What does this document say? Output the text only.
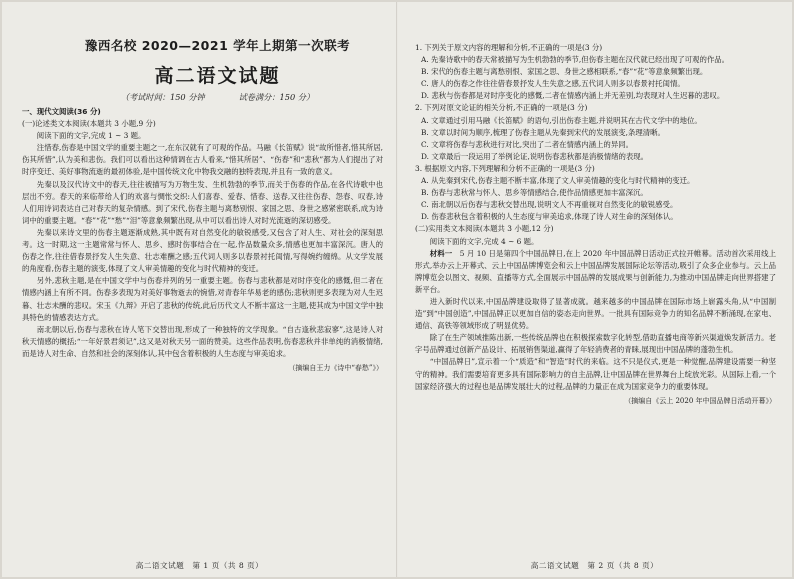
豫西名校 2020—2021 学年上期第一次联考
高二语文试题
（考试时间：150 分钟	试卷满分：150 分）
一、现代文阅读(36 分)
(一)论述类文本阅读(本题共 3 小题,9 分)
阅读下面的文字,完成 1 ~ 3 题。
注惜春,伤春是中国文学的重要主题之一,在东汉就有了可观的作品。马融《长笛赋》说“故所惜者,惜其所居,伤其所惜”,认为美和悲伤。我们可以看出这种情调在古人看来,“惜其所居”、“伤春”和“悲秋”都为人们提出了对时序变迁、美好事物流逝的最初体验,是中国传统文化中物我交融的独特表现,并且有一致的意义。
先秦以及汉代诗文中的春天,往往被描写为万物生发、生机勃勃的季节,而关于伤春的作品,在各代诗歌中也层出不穷。春天的来临带给人们的欢喜与惆怅交织:人们喜春、爱春、惜春、送春,又往往伤春、怨春、叹春,诗人们用诗词表达自己对春天的复杂情感。到了宋代,伤春主题与离愁别恨、家国之思、身世之感紧密联系,成为诗词中的重要主题。“春”“花”“愁”“泪”等意象频繁出现,从中可以看出诗人对时光流逝的深切感受。
先秦以来诗文里的伤春主题逐渐成熟,其中既有对自然变化的敏锐感受,又包含了对人生、对社会的深刻思考。这一时期,这一主题常常与怀人、思乡、感时伤事结合在一起,作品数量众多,情感也更加丰富深沉。唐人的伤春之作,往往借春景抒发人生失意、壮志难酬之感;五代词人则多以春景衬托闺情,写得婉约缠绵。从文学发展的角度看,伤春主题的演变,体现了文人审美情趣的变化与时代精神的变迁。
另外,悲秋主题,是在中国文学中与伤春并列的另一重要主题。伤春与悲秋都是对时序变化的感慨,但二者在情感内涵上有所不同。伤春多表现为对美好事物逝去的惋惜,对青春年华易老的感伤;悲秋则更多表现为对人生迟暮、壮志未酬的悲叹。宋玉《九辩》开启了悲秋的传统,此后历代文人不断丰富这一主题,使其成为中国文学中独具特色的情感表达方式。
南北朝以后,伤春与悲秋在诗人笔下交替出现,形成了一种独特的文学现象。“自古逢秋悲寂寥”,这是诗人对秋天情感的概括;“一年好景君须记”,这又是对秋天另一面的赞美。这些作品表明,伤春悲秋并非单纯的消极情绪,而是诗人对生命、自然和社会的深刻体认,其中包含着积极的人生态度与审美追求。
（摘编自王力《诗中“春愁”》）
高二语文试题　第 1 页（共 8 页）
1. 下列关于原文内容的理解和分析,不正确的一项是(3 分)
A. 先秦诗歌中的春天常被描写为生机勃勃的季节,但伤春主题在汉代就已经出现了可观的作品。
B. 宋代的伤春主题与离愁别恨、家国之思、身世之感相联系,“春”“花”等意象频繁出现。
C. 唐人的伤春之作往往借春景抒发人生失意之感,五代词人则多以春景衬托闺情。
D. 悲秋与伤春都是对时序变化的感慨,二者在情感内涵上并无差别,均表现对人生迟暮的悲叹。
2. 下列对原文论证的相关分析,不正确的一项是(3 分)
A. 文章通过引用马融《长笛赋》的语句,引出伤春主题,并说明其在古代文学中的地位。
B. 文章以时间为顺序,梳理了伤春主题从先秦到宋代的发展演变,条理清晰。
C. 文章将伤春与悲秋进行对比,突出了二者在情感内涵上的异同。
D. 文章最后一段运用了举例论证,说明伤春悲秋都是消极情绪的表现。
3. 根据原文内容,下列理解和分析不正确的一项是(3 分)
A. 从先秦到宋代,伤春主题不断丰富,体现了文人审美情趣的变化与时代精神的变迁。
B. 伤春与悲秋常与怀人、思乡等情感结合,使作品情感更加丰富深沉。
C. 南北朝以后伤春与悲秋交替出现,说明文人不再重视对自然变化的敏锐感受。
D. 伤春悲秋包含着积极的人生态度与审美追求,体现了诗人对生命的深刻体认。
(二)实用类文本阅读(本题共 3 小题,12 分)
阅读下面的文字,完成 4 ~ 6 题。
材料一　 5 月 10 日是第四个中国品牌日,在上 2020 年中国品牌日活动正式拉开帷幕。活动首次采用线上形式,举办云上开幕式、云上中国品牌博览会和云上中国品牌发展国际论坛等活动,吸引了众多企业参与。云上品牌博览会以图文、视频、直播等方式,全面展示中国品牌的发展成果与创新能力,为推动中国品牌走向世界搭建了新平台。
进入新时代以来,中国品牌建设取得了显著成就。越来越多的中国品牌在国际市场上崭露头角,从“中国制造”到“中国创造”,中国品牌正以更加自信的姿态走向世界。一批具有国际竞争力的知名品牌不断涌现,在家电、通信、高铁等领域形成了明显优势。
除了在生产领域推陈出新,一些传统品牌也在积极探索数字化转型,借助直播电商等新兴渠道焕发新活力。老字号品牌通过创新产品设计、拓展销售渠道,赢得了年轻消费者的青睐,展现出中国品牌的蓬勃生机。
“中国品牌日”,宣示着一个“质造”和“智造”时代的来临。这不只是仪式,更是一种觉醒,品牌建设需要一种坚守的精神。我们需要培育更多具有国际影响力的自主品牌,让中国品牌在世界舞台上绽放光彩。从国际上看,一个国家经济强大的过程也是品牌发展壮大的过程,品牌的力量正在成为国家竞争力的重要体现。
（摘编自《云上 2020 年中国品牌日活动开幕》）
高二语文试题　第 2 页（共 8 页）
